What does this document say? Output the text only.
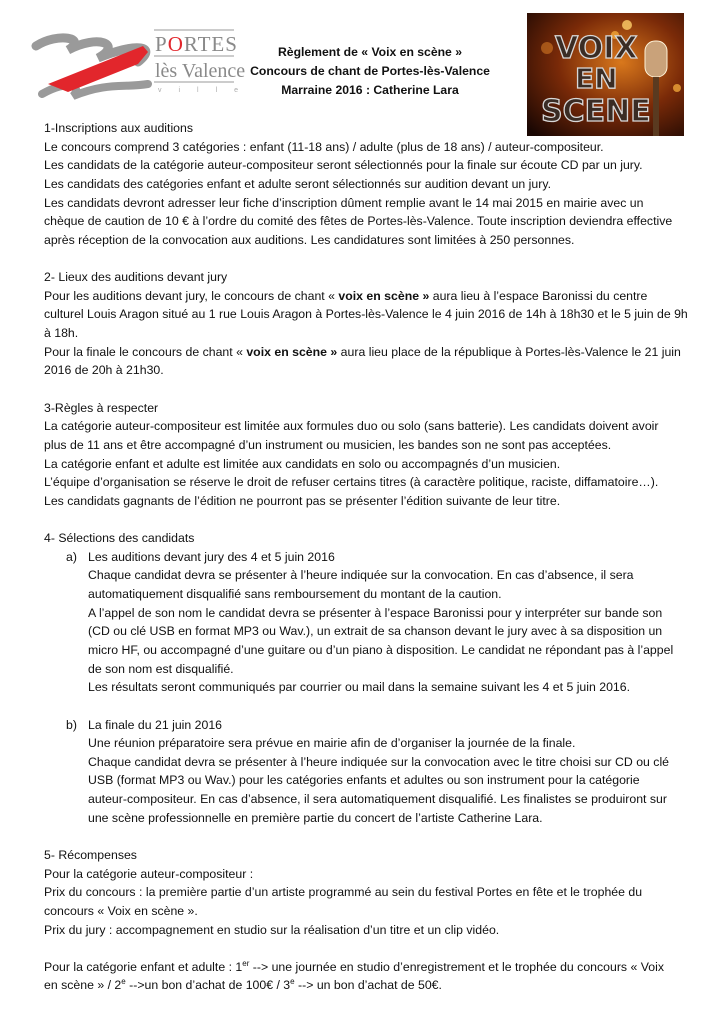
PORTES
lès Valence
ville
Règlement de « Voix en scène »
Concours de chant de Portes-lès-Valence
Marraine 2016 : Catherine Lara
VOIX
EN
SCENE
1-Inscriptions aux auditions
Le concours comprend 3 catégories : enfant (11-18 ans) / adulte (plus de 18 ans) / auteur-compositeur.
Les candidats de la catégorie auteur-compositeur seront sélectionnés pour la finale sur écoute CD par un jury.
Les candidats des catégories enfant et adulte seront sélectionnés sur audition devant un jury.
Les candidats devront adresser leur fiche d’inscription dûment remplie avant le 14 mai 2015 en mairie avec un
chèque de caution de 10 € à l’ordre du comité des fêtes de Portes-lès-Valence. Toute inscription deviendra effective
après réception de la convocation aux auditions. Les candidatures sont limitées à 250 personnes.
2- Lieux des auditions devant jury
Pour les auditions devant jury, le concours de chant « voix en scène » aura lieu à l’espace Baronissi du centre
culturel Louis Aragon situé au 1 rue Louis Aragon à Portes-lès-Valence le 4 juin 2016 de 14h à 18h30 et le 5 juin de 9h
à 18h.
Pour la finale le concours de chant « voix en scène » aura lieu place de la république à Portes-lès-Valence le 21 juin
2016 de 20h à 21h30.
3-Règles à respecter
La catégorie auteur-compositeur est limitée aux formules duo ou solo (sans batterie). Les candidats doivent avoir
plus de 11 ans et être accompagné d’un instrument ou musicien, les bandes son ne sont pas acceptées.
La catégorie enfant et adulte est limitée aux candidats en solo ou accompagnés d’un musicien.
L’équipe d’organisation se réserve le droit de refuser certains titres (à caractère politique, raciste, diffamatoire…).
Les candidats gagnants de l’édition ne pourront pas se présenter l’édition suivante de leur titre.
4- Sélections des candidats
a) Les auditions devant jury des 4 et 5 juin 2016
Chaque candidat devra se présenter à l’heure indiquée sur la convocation. En cas d’absence, il sera
automatiquement disqualifié sans remboursement du montant de la caution.
A l’appel de son nom le candidat devra se présenter à l’espace Baronissi pour y interpréter sur bande son
(CD ou clé USB en format MP3 ou Wav.), un extrait de sa chanson devant le jury avec à sa disposition un
micro HF, ou accompagné d’une guitare ou d’un piano à disposition. Le candidat ne répondant pas à l’appel
de son nom est disqualifié.
Les résultats seront communiqués par courrier ou mail dans la semaine suivant les 4 et 5 juin 2016.
b) La finale du 21 juin 2016
Une réunion préparatoire sera prévue en mairie afin de d’organiser la journée de la finale.
Chaque candidat devra se présenter à l’heure indiquée sur la convocation avec le titre choisi sur CD ou clé
USB (format MP3 ou Wav.) pour les catégories enfants et adultes ou son instrument pour la catégorie
auteur-compositeur. En cas d’absence, il sera automatiquement disqualifié. Les finalistes se produiront sur
une scène professionnelle en première partie du concert de l’artiste Catherine Lara.
5- Récompenses
Pour la catégorie auteur-compositeur :
Prix du concours : la première partie d’un artiste programmé au sein du festival Portes en fête et le trophée du
concours « Voix en scène ».
Prix du jury : accompagnement en studio sur la réalisation d’un titre et un clip vidéo.
Pour la catégorie enfant et adulte : 1er --> une journée en studio d’enregistrement et le trophée du concours « Voix
en scène » / 2e -->un bon d’achat de 100€ / 3e --> un bon d’achat de 50€.
